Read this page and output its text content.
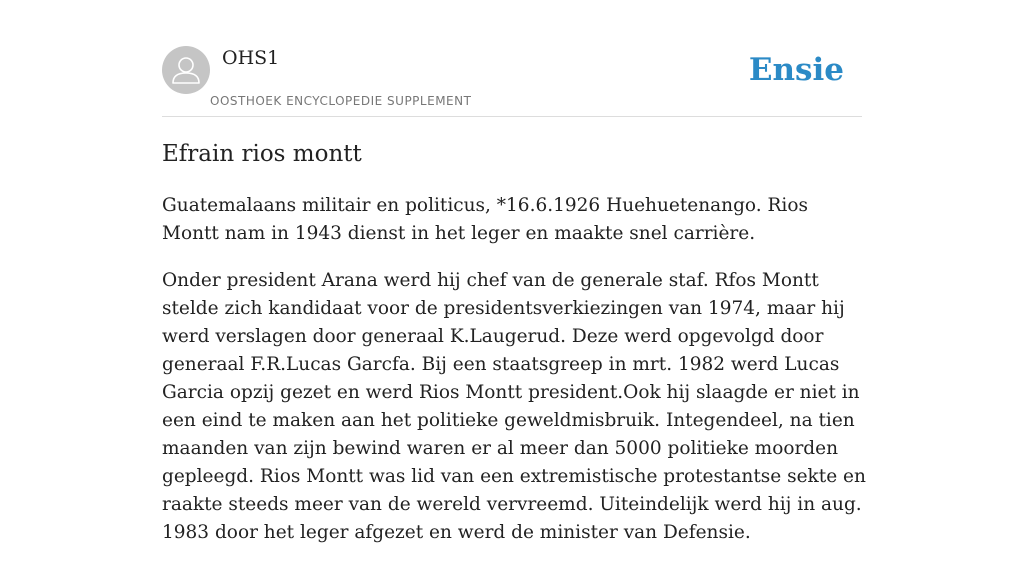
OHS1
OOSTHOEK ENCYCLOPEDIE SUPPLEMENT
Ensie
Efrain rios montt

Guatemalaans militair en politicus, *16.6.1926 Huehuetenango. Rios Montt nam in 1943 dienst in het leger en maakte snel carrière.

Onder president Arana werd hij chef van de generale staf. Rfos Montt stelde zich kandidaat voor de presidentsverkiezingen van 1974, maar hij werd verslagen door generaal K.Laugerud. Deze werd opgevolgd door generaal F.R.Lucas Garcfa. Bij een staatsgreep in mrt. 1982 werd Lucas Garcia opzij gezet en werd Rios Montt president.Ook hij slaagde er niet in een eind te maken aan het politieke geweldmisbruik. Integendeel, na tien maanden van zijn bewind waren er al meer dan 5000 politieke moorden gepleegd. Rios Montt was lid van een extremistische protestantse sekte en raakte steeds meer van de wereld vervreemd. Uiteindelijk werd hij in aug. 1983 door het leger afgezet en werd de minister van Defensie.
